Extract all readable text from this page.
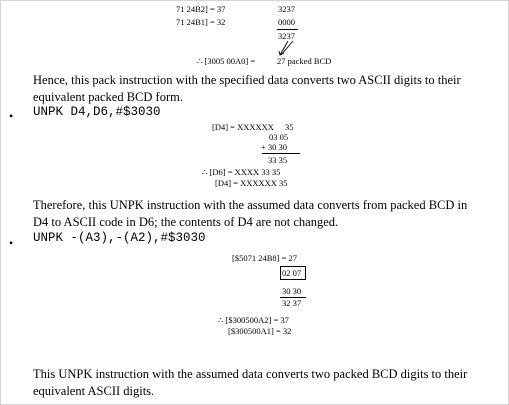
71 24B2] = 37	3237
71 24B1] = 32	0000
3237
∴ [3005 00A0] =	27 packed BCD
Hence, this pack instruction with the specified data converts two ASCII digits to their equivalent packed BCD form.
• UNPK D4,D6,#$3030
[D4] = XXXXXX 35
03 05
+ 30 30
33 35
∴ [D6] = XXXX 33 35
[D4] = XXXXXX 35
Therefore, this UNPK instruction with the assumed data converts from packed BCD in D4 to ASCII code in D6; the contents of D4 are not changed.
• UNPK -(A3),-(A2),#$3030
[$5071 24B8] = 27
02 07
30 30
32 37
∴ [$300500A2] = 37
[$300500A1] = 32
This UNPK instruction with the assumed data converts two packed BCD digits to their equivalent ASCII digits.
